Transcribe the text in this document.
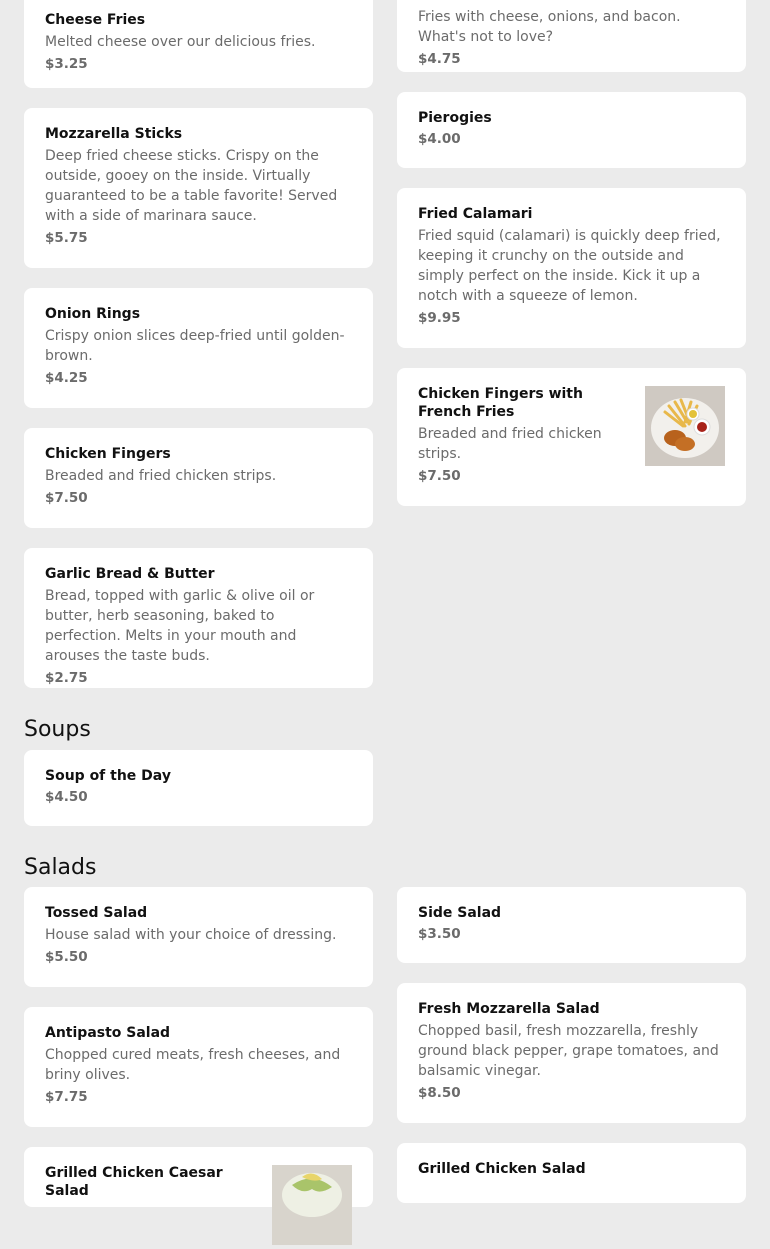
Cheese Fries
Melted cheese over our delicious fries.
$3.25
Mozzarella Sticks
Deep fried cheese sticks. Crispy on the outside, gooey on the inside. Virtually guaranteed to be a table favorite! Served with a side of marinara sauce.
$5.75
Onion Rings
Crispy onion slices deep-fried until golden-brown.
$4.25
Chicken Fingers
Breaded and fried chicken strips.
$7.50
Garlic Bread & Butter
Bread, topped with garlic & olive oil or butter, herb seasoning, baked to perfection. Melts in your mouth and arouses the taste buds.
$2.75
Fries with cheese, onions, and bacon. What's not to love?
$4.75
Pierogies
$4.00
Fried Calamari
Fried squid (calamari) is quickly deep fried, keeping it crunchy on the outside and simply perfect on the inside. Kick it up a notch with a squeeze of lemon.
$9.95
Chicken Fingers with French Fries
Breaded and fried chicken strips.
$7.50
Soups
Soup of the Day
$4.50
Salads
Tossed Salad
House salad with your choice of dressing.
$5.50
Antipasto Salad
Chopped cured meats, fresh cheeses, and briny olives.
$7.75
Grilled Chicken Caesar Salad
Side Salad
$3.50
Fresh Mozzarella Salad
Chopped basil, fresh mozzarella, freshly ground black pepper, grape tomatoes, and balsamic vinegar.
$8.50
Grilled Chicken Salad
